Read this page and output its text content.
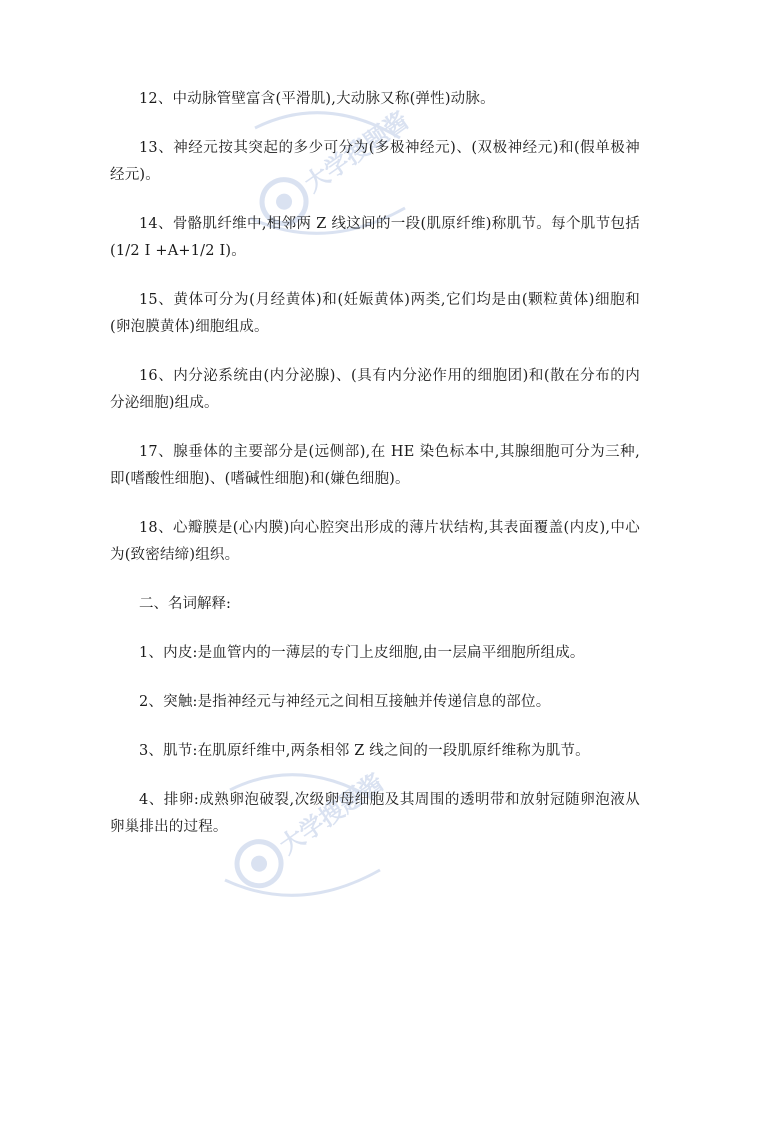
大学搜题酱
大学搜题酱

12、中动脉管壁富含(平滑肌),大动脉又称(弹性)动脉。

13、神经元按其突起的多少可分为(多极神经元)、(双极神经元)和(假单极神经元)。

14、骨骼肌纤维中,相邻两 Z 线这间的一段(肌原纤维)称肌节。每个肌节包括(1/2 I +A+1/2 I)。

15、黄体可分为(月经黄体)和(妊娠黄体)两类,它们均是由(颗粒黄体)细胞和(卵泡膜黄体)细胞组成。

16、内分泌系统由(内分泌腺)、(具有内分泌作用的细胞团)和(散在分布的内分泌细胞)组成。

17、腺垂体的主要部分是(远侧部),在 HE 染色标本中,其腺细胞可分为三种,即(嗜酸性细胞)、(嗜碱性细胞)和(嫌色细胞)。

18、心瓣膜是(心内膜)向心腔突出形成的薄片状结构,其表面覆盖(内皮),中心为(致密结缔)组织。

二、名词解释:

1、内皮:是血管内的一薄层的专门上皮细胞,由一层扁平细胞所组成。

2、突触:是指神经元与神经元之间相互接触并传递信息的部位。

3、肌节:在肌原纤维中,两条相邻 Z 线之间的一段肌原纤维称为肌节。

4、排卵:成熟卵泡破裂,次级卵母细胞及其周围的透明带和放射冠随卵泡液从卵巢排出的过程。
